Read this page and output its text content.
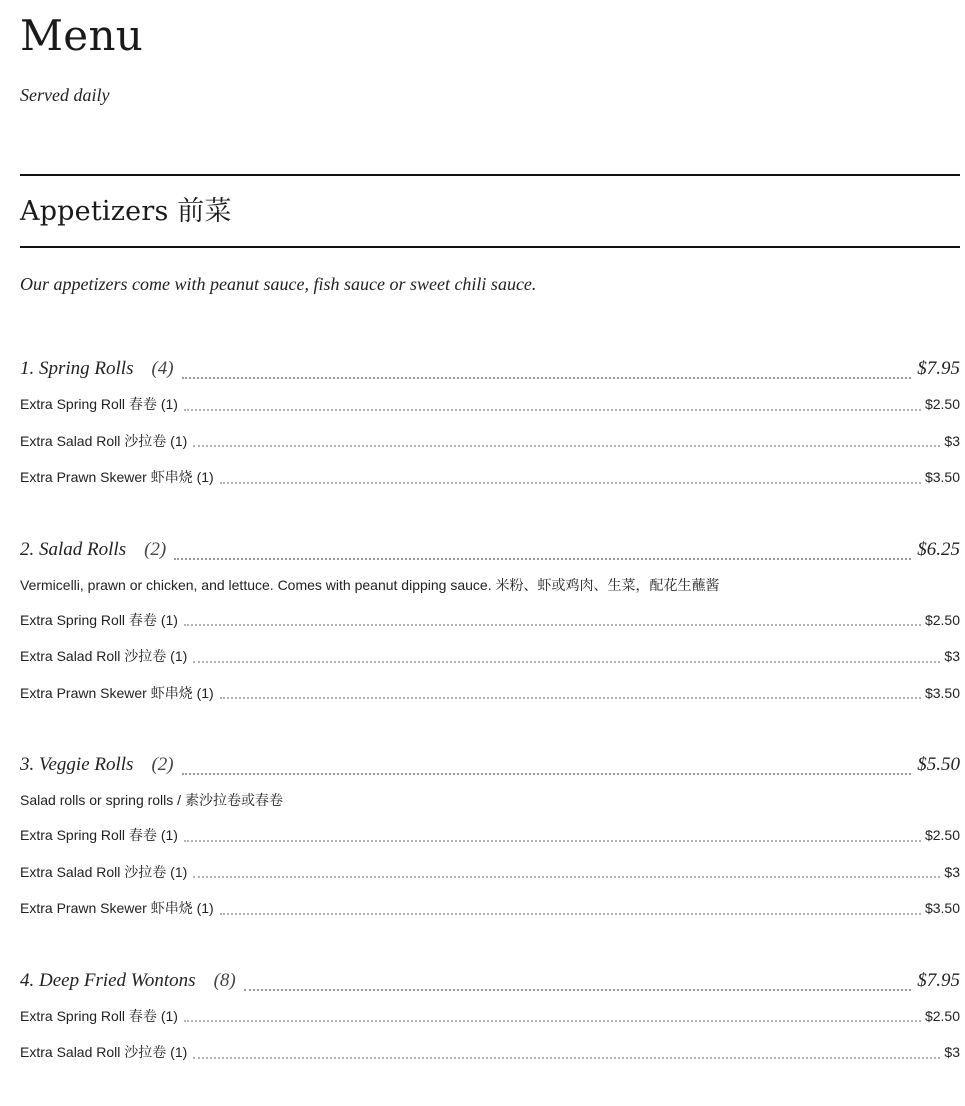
Menu
Served daily
Appetizers 前菜
Our appetizers come with peanut sauce, fish sauce or sweet chili sauce.
1. Spring Rolls (4)	$7.95
Extra Spring Roll 春卷 (1)	$2.50
Extra Salad Roll 沙拉卷 (1)	$3
Extra Prawn Skewer 虾串烧 (1)	$3.50
2. Salad Rolls (2)	$6.25
Vermicelli, prawn or chicken, and lettuce. Comes with peanut dipping sauce. 米粉、虾或鸡肉、生菜，配花生蘸酱
Extra Spring Roll 春卷 (1)	$2.50
Extra Salad Roll 沙拉卷 (1)	$3
Extra Prawn Skewer 虾串烧 (1)	$3.50
3. Veggie Rolls (2)	$5.50
Salad rolls or spring rolls / 素沙拉卷或春卷
Extra Spring Roll 春卷 (1)	$2.50
Extra Salad Roll 沙拉卷 (1)	$3
Extra Prawn Skewer 虾串烧 (1)	$3.50
4. Deep Fried Wontons (8)	$7.95
Extra Spring Roll 春卷 (1)	$2.50
Extra Salad Roll 沙拉卷 (1)	$3
